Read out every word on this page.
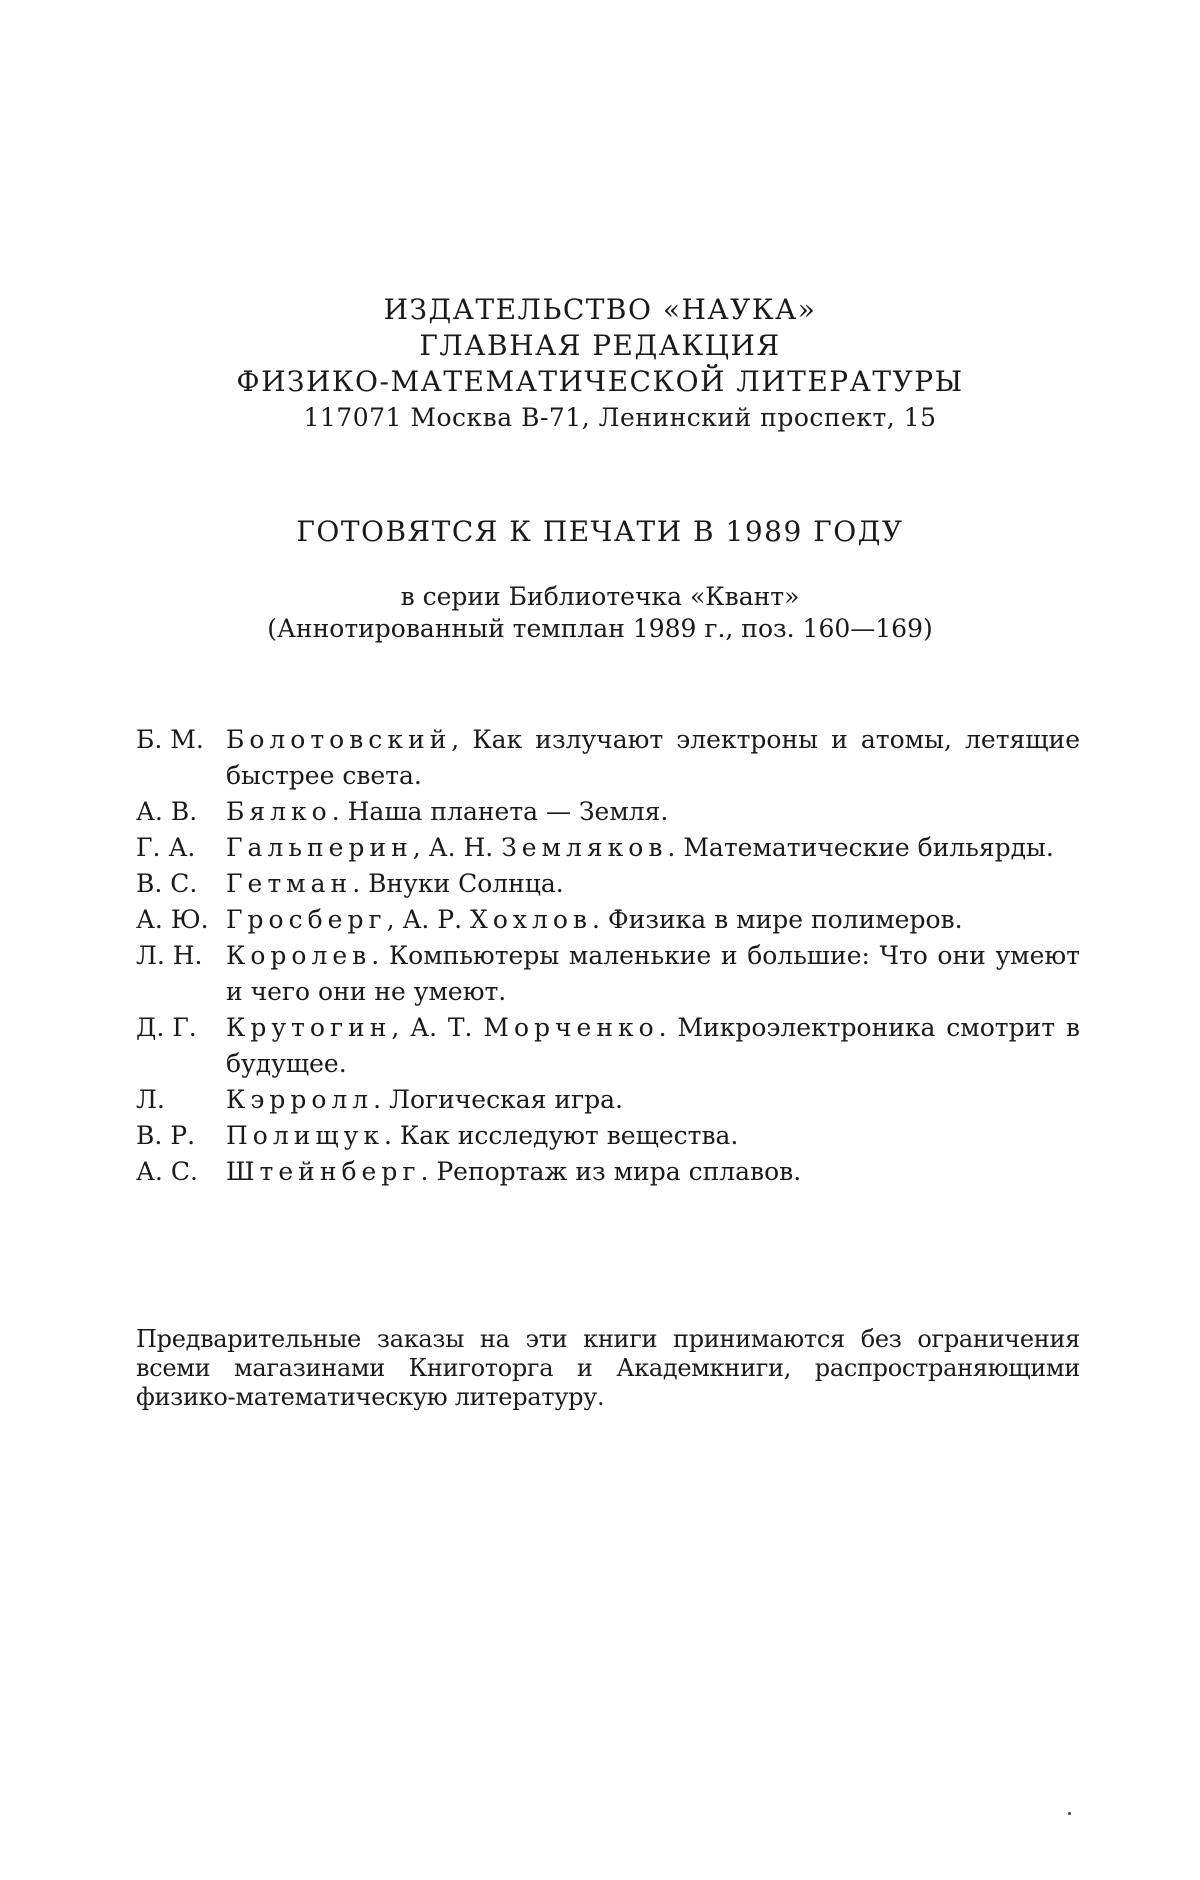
ИЗДАТЕЛЬСТВО «НАУКА»
ГЛАВНАЯ РЕДАКЦИЯ
ФИЗИКО-МАТЕМАТИЧЕСКОЙ ЛИТЕРАТУРЫ
117071 Москва В-71, Ленинский проспект, 15
ГОТОВЯТСЯ К ПЕЧАТИ В 1989 ГОДУ
в серии Библиотечка «Квант»
(Аннотированный темплан 1989 г., поз. 160—169)
Б. М. Болотовский, Как излучают электроны и атомы, летящие быстрее света.
А. В.	Бялко. Наша планета — Земля.
Г. А.	Гальперин, А. Н. Земляков. Математические бильярды.
В. С.	Гетман. Внуки Солнца.
А. Ю. Гросберг, А. Р. Хохлов. Физика в мире полимеров.
Л. Н. Королев. Компьютеры маленькие и большие: Что они умеют и чего они не умеют.
Д. Г.	Крутогин, А. Т. Морченко. Микроэлектроника смотрит в будущее.
Л.	Кэрролл. Логическая игра.
В. Р.	Полищук. Как исследуют вещества.
А. С.	Штейнберг. Репортаж из мира сплавов.
Предварительные заказы на эти книги принимаются без ограничения всеми магазинами Книготорга и Академкниги, распространяющими физико-математическую литературу.
